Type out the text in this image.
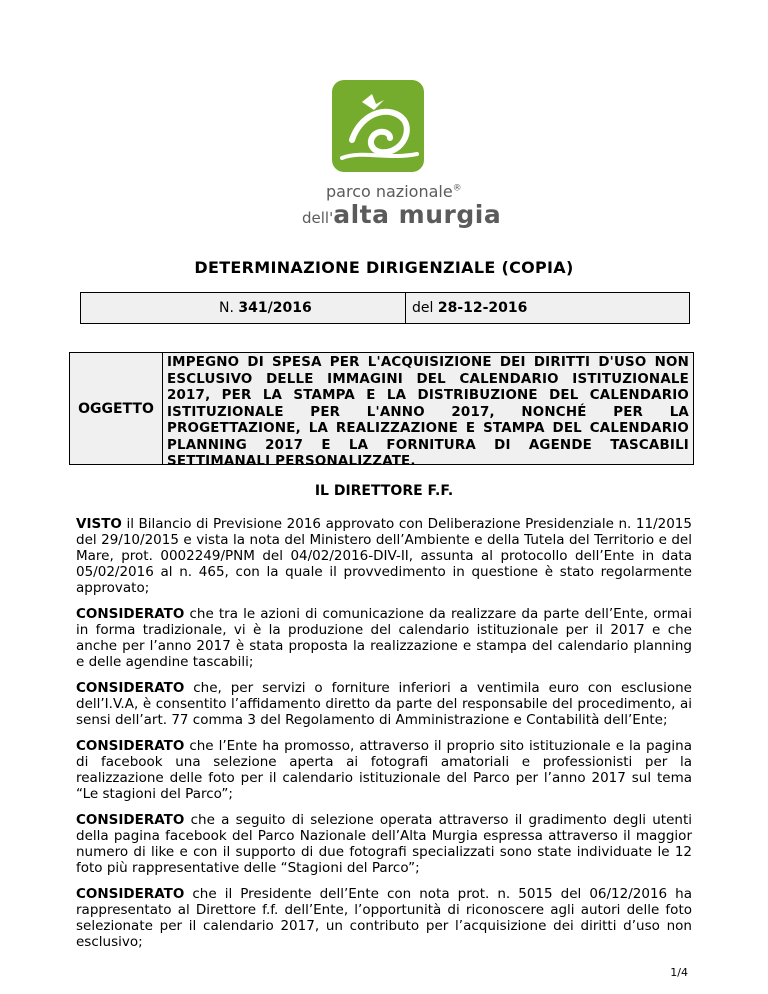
parco nazionale®
dell'alta murgia
DETERMINAZIONE DIRIGENZIALE (COPIA)
N. 341/2016	del 28-12-2016
OGGETTO
IMPEGNO DI SPESA PER L'ACQUISIZIONE DEI DIRITTI D'USO NON ESCLUSIVO DELLE IMMAGINI DEL CALENDARIO ISTITUZIONALE 2017, PER LA STAMPA E LA DISTRIBUZIONE DEL CALENDARIO ISTITUZIONALE PER L'ANNO 2017, NONCHÉ PER LA PROGETTAZIONE, LA REALIZZAZIONE E STAMPA DEL CALENDARIO PLANNING 2017 E LA FORNITURA DI AGENDE TASCABILI SETTIMANALI PERSONALIZZATE.
IL DIRETTORE F.F.

VISTO il Bilancio di Previsione 2016 approvato con Deliberazione Presidenziale n. 11/2015 del 29/10/2015 e vista la nota del Ministero dell’Ambiente e della Tutela del Territorio e del Mare, prot. 0002249/PNM del 04/02/2016-DIV-II, assunta al protocollo dell’Ente in data 05/02/2016 al n. 465, con la quale il provvedimento in questione è stato regolarmente approvato;

CONSIDERATO che tra le azioni di comunicazione da realizzare da parte dell’Ente, ormai in forma tradizionale, vi è la produzione del calendario istituzionale per il 2017 e che anche per l’anno 2017 è stata proposta la realizzazione e stampa del calendario planning e delle agendine tascabili;

CONSIDERATO che, per servizi o forniture inferiori a ventimila euro con esclusione dell’I.V.A, è consentito l’affidamento diretto da parte del responsabile del procedimento, ai sensi dell’art. 77 comma 3 del Regolamento di Amministrazione e Contabilità dell’Ente;

CONSIDERATO che l’Ente ha promosso, attraverso il proprio sito istituzionale e la pagina di facebook una selezione aperta ai fotografi amatoriali e professionisti per la realizzazione delle foto per il calendario istituzionale del Parco per l’anno 2017 sul tema “Le stagioni del Parco”;

CONSIDERATO che a seguito di selezione operata attraverso il gradimento degli utenti della pagina facebook del Parco Nazionale dell’Alta Murgia espressa attraverso il maggior numero di like e con il supporto di due fotografi specializzati sono state individuate le 12 foto più rappresentative delle “Stagioni del Parco”;

CONSIDERATO che il Presidente dell’Ente con nota prot. n. 5015 del 06/12/2016 ha rappresentato al Direttore f.f. dell’Ente, l’opportunità di riconoscere agli autori delle foto selezionate per il calendario 2017, un contributo per l’acquisizione dei diritti d’uso non esclusivo;

1/4
